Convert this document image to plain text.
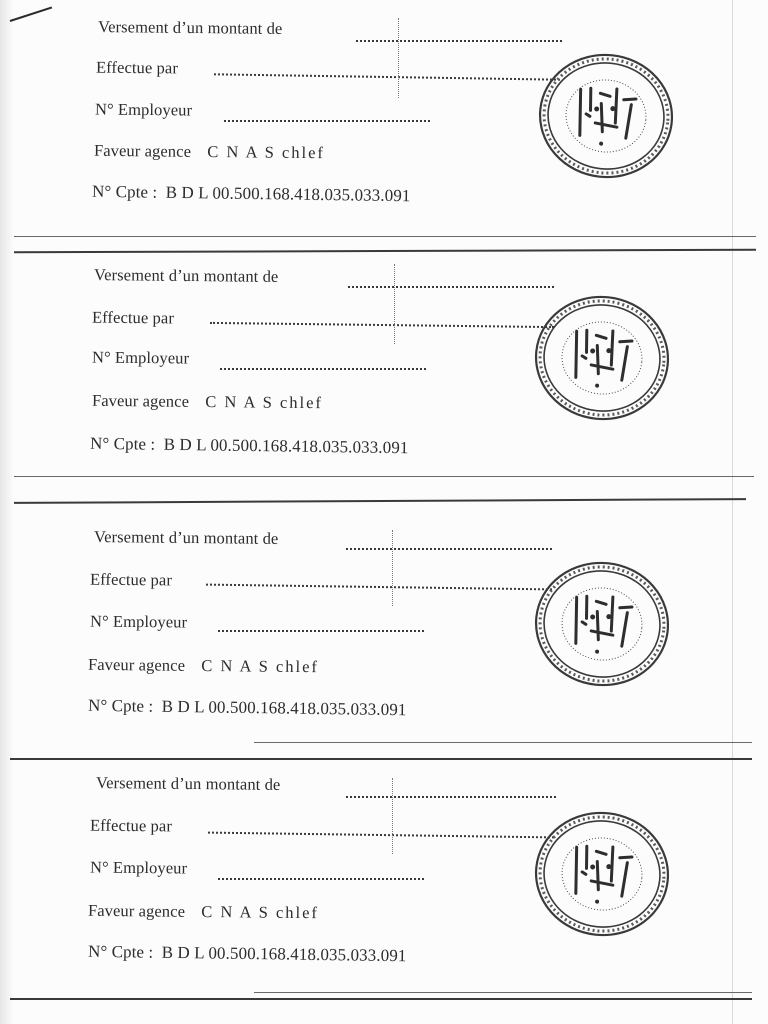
Versement d’un montant de
Effectue par
N° Employeur
Faveur agence C N A S chlef
N° Cpte : B D L 00.500.168.418.035.033.091
Versement d’un montant de
Effectue par
N° Employeur
Faveur agence C N A S chlef
N° Cpte : B D L 00.500.168.418.035.033.091
Versement d’un montant de
Effectue par
N° Employeur
Faveur agence C N A S chlef
N° Cpte : B D L 00.500.168.418.035.033.091
Versement d’un montant de
Effectue par
N° Employeur
Faveur agence C N A S chlef
N° Cpte : B D L 00.500.168.418.035.033.091
